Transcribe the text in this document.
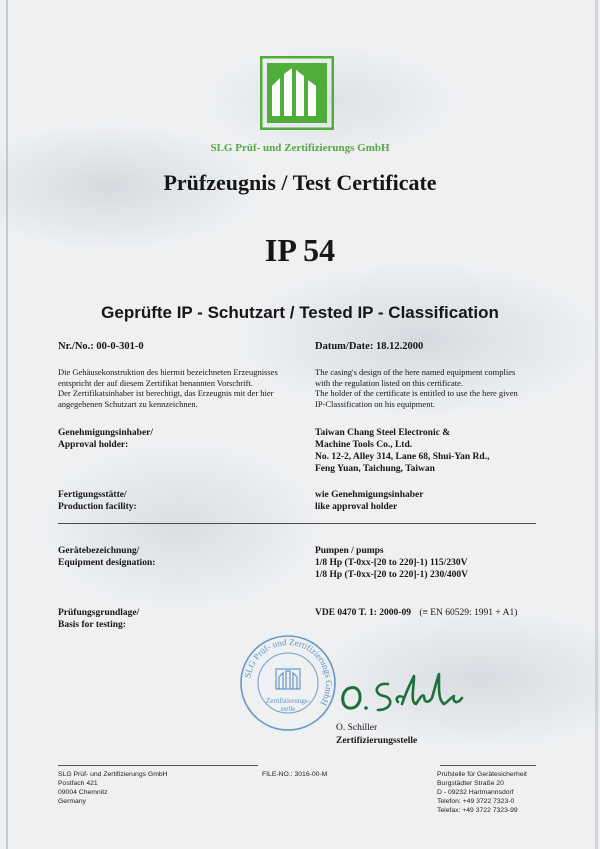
SLG Prüf- und Zertifizierungs GmbH
Prüfzeugnis / Test Certificate
IP 54
Geprüfte IP - Schutzart / Tested IP - Classification
Nr./No.: 00-0-301-0	Datum/Date: 18.12.2000
Die Gehäusekonstruktion des hiermit bezeichneten Erzeugnisses
entspricht der auf diesem Zertifikat benannten Vorschrift.
Der Zertifikatsinhaber ist berechtigt, das Erzeugnis mit der hier
angegebenen Schutzart zu kennzeichnen.
The casing's design of the here named equipment complies
with the regulation listed on this certificate.
The holder of the certificate is entitled to use the here given
IP-Classification on his equipment.
Genehmigungsinhaber/
Approval holder:
Taiwan Chang Steel Electronic &
Machine Tools Co., Ltd.
No. 12-2, Alley 314, Lane 68, Shui-Yan Rd.,
Feng Yuan, Taichung, Taiwan
Fertigungsstätte/
Production facility:
wie Genehmigungsinhaber
like approval holder
Gerätebezeichnung/
Equipment designation:
Pumpen / pumps
1/8 Hp (T-0xx-[20 to 220]-1) 115/230V
1/8 Hp (T-0xx-[20 to 220]-1) 230/400V
Prüfungsgrundlage/
Basis for testing:
VDE 0470 T. 1: 2000-09 (≡ EN 60529: 1991 + A1)
SLG Prüf- und Zertifizierungs GmbH
Zertifizierungs-
stelle
O. Schiller
Zertifizierungsstelle
SLG Prüf- und Zertifizierungs GmbH
Postfach 421
09004 Chemnitz
Germany
FILE-NO.: 3016-00-M	Prüfstelle für Gerätesicherheit
Burgstädter Straße 20
D - 09232 Hartmannsdorf
Telefon: +49 3722 7323-0
Telefax: +49 3722 7323-99
